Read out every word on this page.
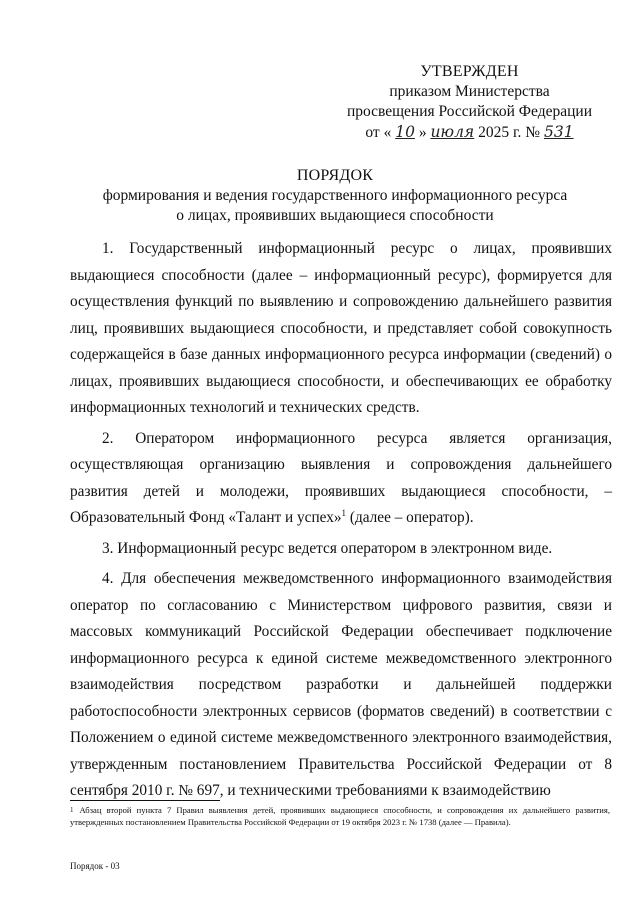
УТВЕРЖДЕН
приказом Министерства
просвещения Российской Федерации
от « 10 » июля 2025 г. № 531
ПОРЯДОК
формирования и ведения государственного информационного ресурса
о лицах, проявивших выдающиеся способности

1. Государственный информационный ресурс о лицах, проявивших выдающиеся способности (далее – информационный ресурс), формируется для осуществления функций по выявлению и сопровождению дальнейшего развития лиц, проявивших выдающиеся способности, и представляет собой совокупность содержащейся в базе данных информационного ресурса информации (сведений) о лицах, проявивших выдающиеся способности, и обеспечивающих ее обработку информационных технологий и технических средств.

2. Оператором информационного ресурса является организация, осуществляющая организацию выявления и сопровождения дальнейшего развития детей и молодежи, проявивших выдающиеся способности, – Образовательный Фонд «Талант и успех»$^1$ (далее – оператор).

3. Информационный ресурс ведется оператором в электронном виде.

4. Для обеспечения межведомственного информационного взаимодействия оператор по согласованию с Министерством цифрового развития, связи и массовых коммуникаций Российской Федерации обеспечивает подключение информационного ресурса к единой системе межведомственного электронного взаимодействия посредством разработки и дальнейшей поддержки работоспособности электронных сервисов (форматов сведений) в соответствии с Положением о единой системе межведомственного электронного взаимодействия, утвержденным постановлением Правительства Российской Федерации от 8 сентября 2010 г. № 697, и техническими требованиями к взаимодействию

$^1$ Абзац второй пункта 7 Правил выявления детей, проявивших выдающиеся способности, и сопровождения их дальнейшего развития, утвержденных постановлением Правительства Российской Федерации от 19 октября 2023 г. № 1738 (далее — Правила).
Порядок - 03
